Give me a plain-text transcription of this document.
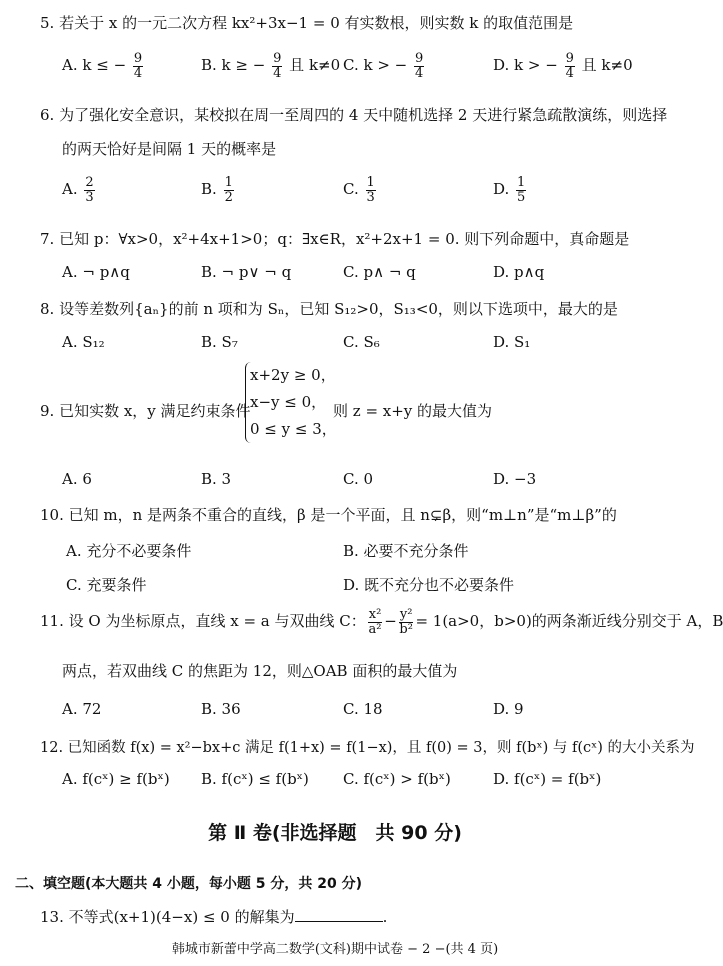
5. 若关于 x 的一元二次方程 kx²+3x−1 = 0 有实数根，则实数 k 的取值范围是
A. k ≤ − $\frac{9}{4}$	B. k ≥ − $\frac{9}{4}$ 且 k≠0 C. k > − $\frac{9}{4}$	D. k > − $\frac{9}{4}$ 且 k≠0
6. 为了强化安全意识，某校拟在周一至周四的 4 天中随机选择 2 天进行紧急疏散演练，则选择
的两天恰好是间隔 1 天的概率是
A. $\frac{2}{3}$	B. $\frac{1}{2}$	C. $\frac{1}{3}$	D. $\frac{1}{5}$
7. 已知 p：∀x>0，x²+4x+1>0；q：∃x∈R，x²+2x+1 = 0. 则下列命题中，真命题是
A. ¬ p∧q	B. ¬ p∨ ¬ q	C. p∧ ¬ q	D. p∧q
8. 设等差数列{aₙ}的前 n 项和为 Sₙ，已知 S₁₂>0，S₁₃<0，则以下选项中，最大的是
A. S₁₂	B. S₇	C. S₆	D. S₁
9. 已知实数 x，y 满足约束条件
x+2y ≥ 0，
x−y ≤ 0，
0 ≤ y ≤ 3，
则 z = x+y 的最大值为
A. 6	B. 3	C. 0	D. −3
10. 已知 m，n 是两条不重合的直线，β 是一个平面，且 n⊊β，则“m⊥n”是“m⊥β”的
A. 充分不必要条件	B. 必要不充分条件
C. 充要条件	D. 既不充分也不必要条件
11. 设 O 为坐标原点，直线 x = a 与双曲线 C： $\frac{\text{x²}}{\text{a²}} - \frac{\text{y²}}{\text{b²}} = 1(a>0$，b>0)的两条渐近线分别交于 A，B
两点，若双曲线 C 的焦距为 12，则△OAB 面积的最大值为
A. 72	B. 36	C. 18	D. 9
12. 已知函数 f(x) = x²−bx+c 满足 f(1+x) = f(1−x)，且 f(0) = 3，则 f(bˣ) 与 f(cˣ) 的大小关系为
A. f(cˣ) ≥ f(bˣ) B. f(cˣ) ≤ f(bˣ) C. f(cˣ) > f(bˣ)	D. f(cˣ) = f(bˣ)
第 Ⅱ 卷(非选择题　共 90 分)
二、填空题(本大题共 4 小题，每小题 5 分，共 20 分)
13. 不等式(x+1)(4−x) ≤ 0 的解集为	.
韩城市新蕾中学高二数学(文科)期中试卷 − 2 −(共 4 页)
